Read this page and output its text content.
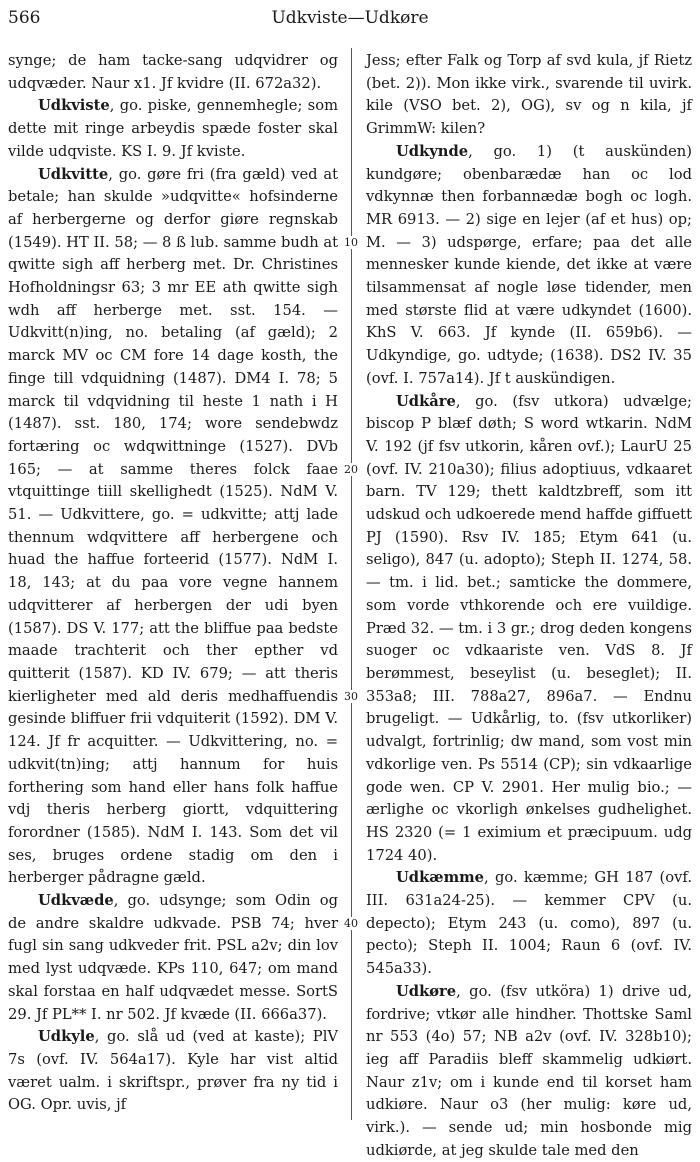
566	Udkviste—Udkøre

synge; de ham tacke-sang udqvidrer og udqvæder. Naur x1. Jf kvidre (II. 672a32).

Udkviste, go. piske, gennemhegle; som dette mit ringe arbeydis spæde foster skal vilde udqviste. KS I. 9. Jf kviste.

Udkvitte, go. gøre fri (fra gæld) ved at betale; han skulde »udqvitte« hofsinderne af herbergerne og derfor giøre regnskab (1549). HT II. 58; — 8 ß lub. samme budh at qwitte sigh aff herberg met. Dr. Christines Hofholdningsr 63; 3 mr EE ath qwitte sigh wdh aff herberge met. sst. 154. — Udkvitt(n)ing, no. betaling (af gæld); 2 marck MV oc CM fore 14 dage kosth, the finge till vdquidning (1487). DM4 I. 78; 5 marck til vdqvidning til heste 1 nath i H (1487). sst. 180, 174; wore sendebwdz fortæring oc wdqwittninge (1527). DVb 165; — at samme theres folck faae vtquittinge tiill skellighedt (1525). NdM V. 51. — Udkvittere, go. = udkvitte; attj lade thennum wdqvittere aff herbergene och huad the haffue forteerid (1577). NdM I. 18, 143; at du paa vore vegne hannem udqvitterer af herbergen der udi byen (1587). DS V. 177; att the bliffue paa bedste maade trachterit och ther epther vd quitterit (1587). KD IV. 679; — att theris kierligheter med ald deris medhaffuendis gesinde bliffuer frii vdquiterit (1592). DM V. 124. Jf fr acquitter. — Udkvittering, no. = udkvit(tn)ing; attj hannum for huis forthering som hand eller hans folk haffue vdj theris herberg giortt, vdquittering forordner (1585). NdM I. 143. Som det vil ses, bruges ordene stadig om den i herberger pådragne gæld.

Udkvæde, go. udsynge; som Odin og de andre skaldre udkvade. PSB 74; hver fugl sin sang udkveder frit. PSL a2v; din lov med lyst udqvæde. KPs 110, 647; om mand skal forstaa en half udqvædet messe. SortS 29. Jf PL** I. nr 502. Jf kvæde (II. 666a37).

Udkyle, go. slå ud (ved at kaste); PlV 7s (ovf. IV. 564a17). Kyle har vist altid været ualm. i skriftspr., prøver fra ny tid i OG. Opr. uvis, jf

10
20
30
40

Jess; efter Falk og Torp af svd kula, jf Rietz (bet. 2)). Mon ikke virk., svarende til uvirk. kile (VSO bet. 2), OG), sv og n kila, jf GrimmW: kilen?

Udkynde, go. 1) (t auskünden) kundgøre; obenbarædæ han oc lod vdkynnæ then forbannædæ bogh oc logh. MR 6913. — 2) sige en lejer (af et hus) op; M. — 3) udspørge, erfare; paa det alle mennesker kunde kiende, det ikke at være tilsammensat af nogle løse tidender, men med største flid at være udkyndet (1600). KhS V. 663. Jf kynde (II. 659b6). — Udkyndige, go. udtyde; (1638). DS2 IV. 35 (ovf. I. 757a14). Jf t auskündigen.

Udkåre, go. (fsv utkora) udvælge; biscop P blæf døth; S word wtkarin. NdM V. 192 (jf fsv utkorin, kåren ovf.); LaurU 25 (ovf. IV. 210a30); filius adoptiuus, vdkaaret barn. TV 129; thett kaldtzbreff, som itt udskud och udkoerede mend haffde giffuett PJ (1590). Rsv IV. 185; Etym 641 (u. seligo), 847 (u. adopto); Steph II. 1274, 58. — tm. i lid. bet.; samticke the dommere, som vorde vthkorende och ere vuildige. Præd 32. — tm. i 3 gr.; drog deden kongens suoger oc vdkaariste ven. VdS 8. Jf berømmest, beseylist (u. beseglet); II. 353a8; III. 788a27, 896a7. — Endnu brugeligt. — Udkårlig, to. (fsv utkorliker) udvalgt, fortrinlig; dw mand, som vost min vdkorlige ven. Ps 5514 (CP); sin vdkaarlige gode wen. CP V. 2901. Her mulig bio.; — ærlighe oc vkorligh ønkelses gudhelighet. HS 2320 (= 1 eximium et præcipuum. udg 1724 40).

Udkæmme, go. kæmme; GH 187 (ovf. III. 631a24-25). — kemmer CPV (u. depecto); Etym 243 (u. como), 897 (u. pecto); Steph II. 1004; Raun 6 (ovf. IV. 545a33).

Udkøre, go. (fsv utköra) 1) drive ud, fordrive; vtkør alle hindher. Thottske Saml nr 553 (4o) 57; NB a2v (ovf. IV. 328b10); ieg aff Paradiis bleff skammelig udkiørt. Naur z1v; om i kunde end til korset ham udkiøre. Naur o3 (her mulig: køre ud, virk.). — sende ud; min hosbonde mig udkiørde, at jeg skulde tale med den
